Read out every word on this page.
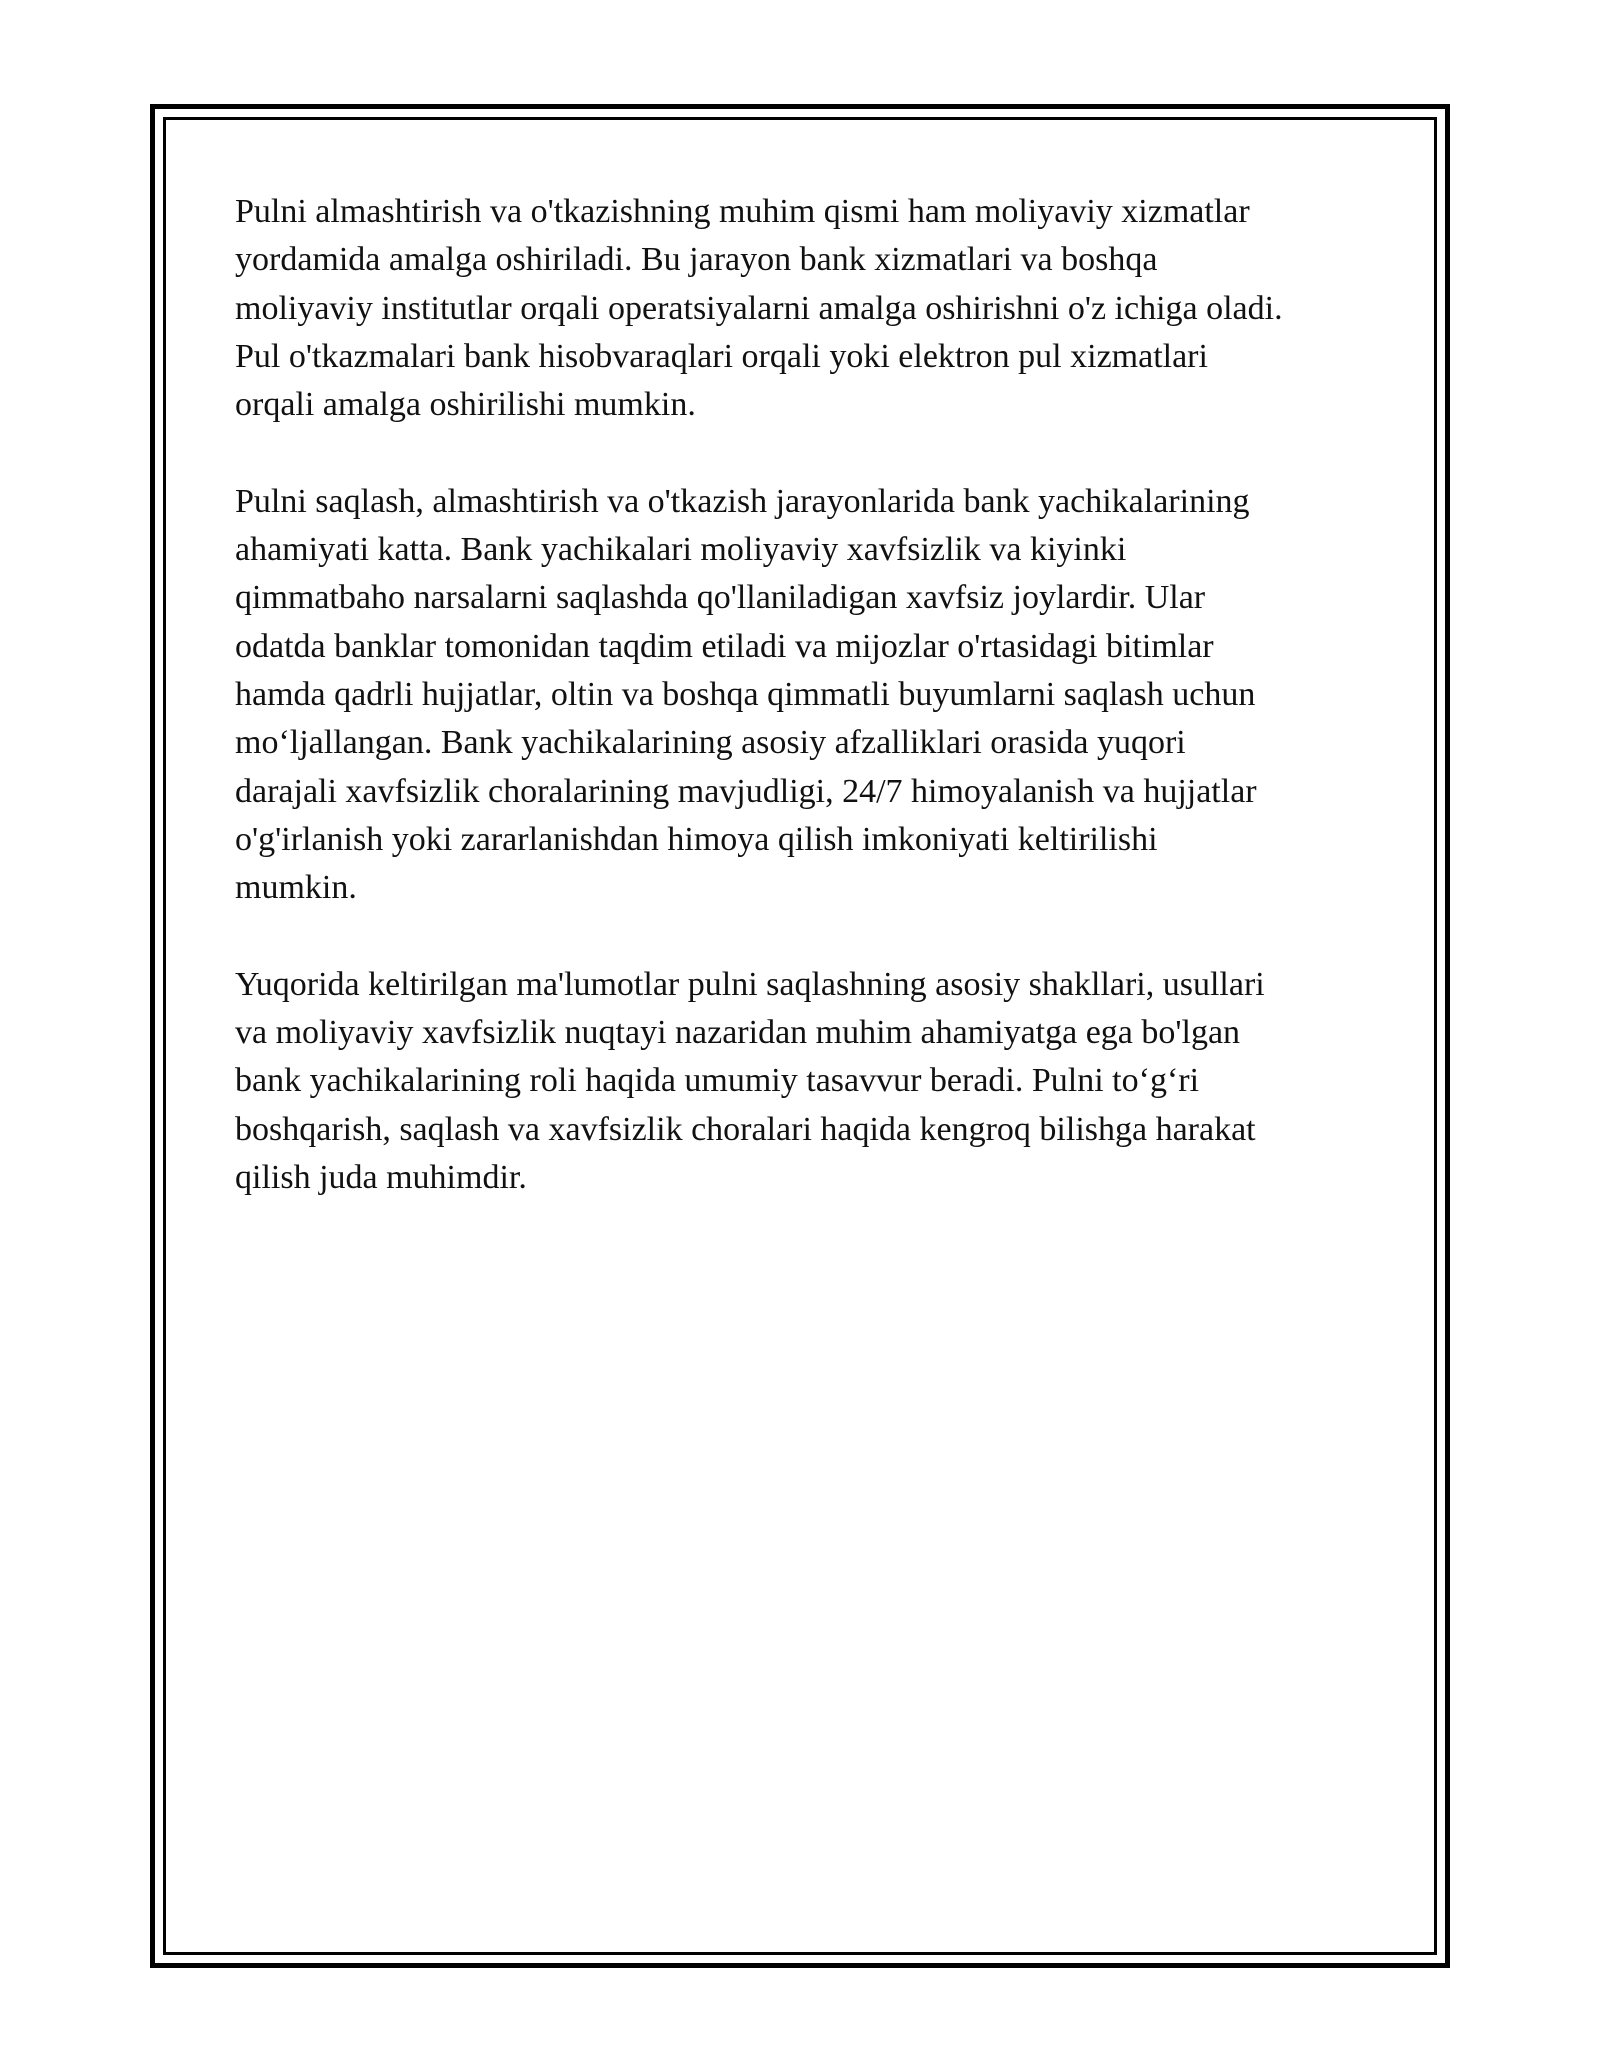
Pulni almashtirish va o'tkazishning muhim qismi ham moliyaviy xizmatlar
yordamida amalga oshiriladi. Bu jarayon bank xizmatlari va boshqa
moliyaviy institutlar orqali operatsiyalarni amalga oshirishni o'z ichiga oladi.
Pul o'tkazmalari bank hisobvaraqlari orqali yoki elektron pul xizmatlari
orqali amalga oshirilishi mumkin.

Pulni saqlash, almashtirish va o'tkazish jarayonlarida bank yachikalarining
ahamiyati katta. Bank yachikalari moliyaviy xavfsizlik va kiyinki
qimmatbaho narsalarni saqlashda qo'llaniladigan xavfsiz joylardir. Ular
odatda banklar tomonidan taqdim etiladi va mijozlar o'rtasidagi bitimlar
hamda qadrli hujjatlar, oltin va boshqa qimmatli buyumlarni saqlash uchun
mo‘ljallangan. Bank yachikalarining asosiy afzalliklari orasida yuqori
darajali xavfsizlik choralarining mavjudligi, 24/7 himoyalanish va hujjatlar
o'g'irlanish yoki zararlanishdan himoya qilish imkoniyati keltirilishi
mumkin.

Yuqorida keltirilgan ma'lumotlar pulni saqlashning asosiy shakllari, usullari
va moliyaviy xavfsizlik nuqtayi nazaridan muhim ahamiyatga ega bo'lgan
bank yachikalarining roli haqida umumiy tasavvur beradi. Pulni to‘g‘ri
boshqarish, saqlash va xavfsizlik choralari haqida kengroq bilishga harakat
qilish juda muhimdir.
